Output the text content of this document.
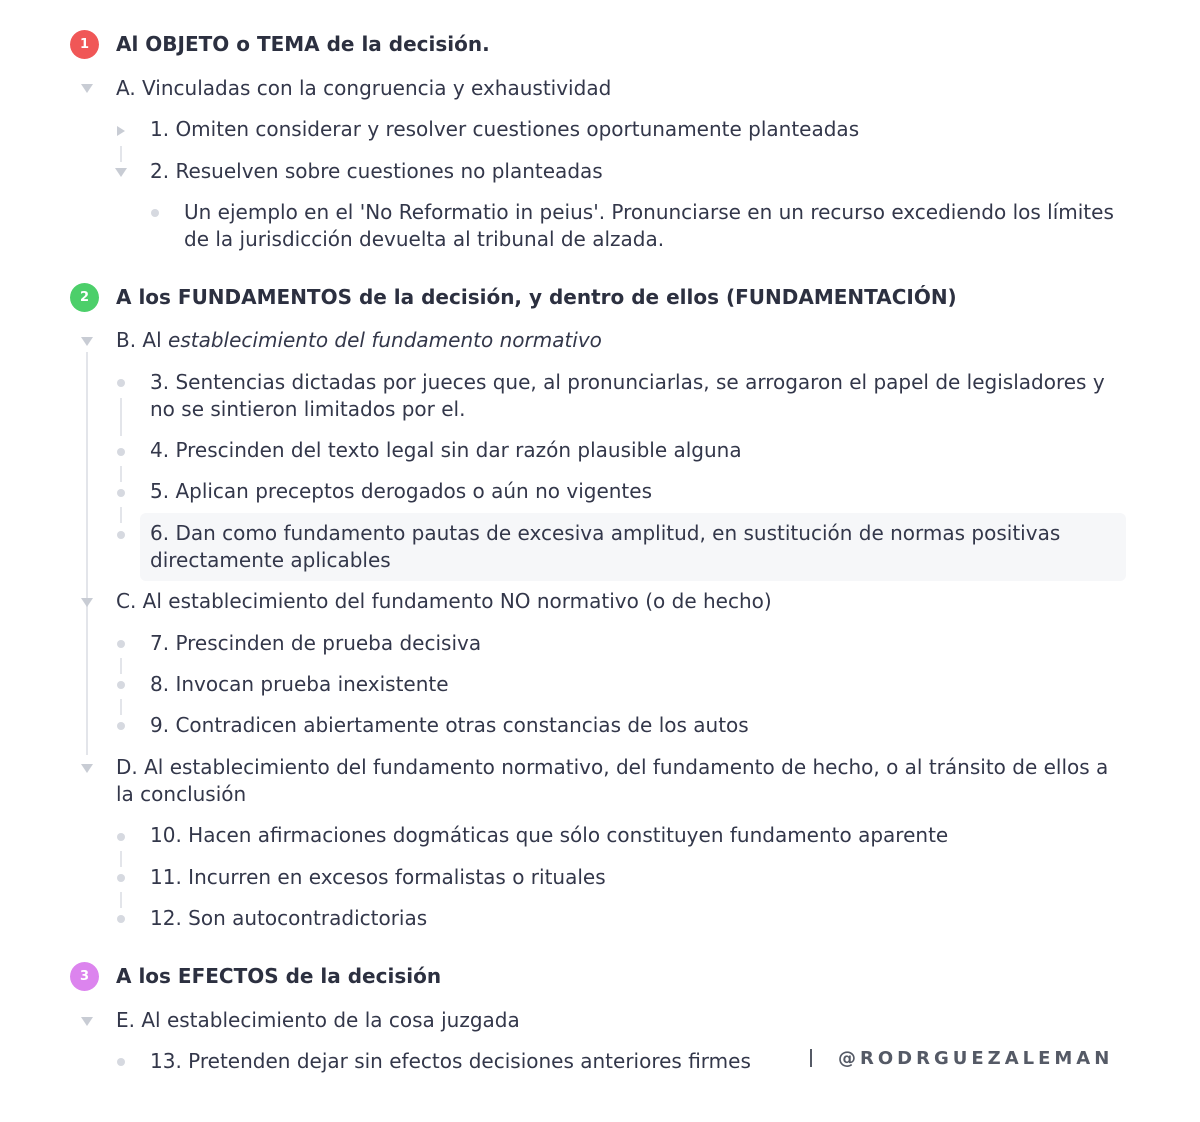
1	Al OBJETO o TEMA de la decisión.
A. Vinculadas con la congruencia y exhaustividad
1. Omiten considerar y resolver cuestiones oportunamente planteadas
2. Resuelven sobre cuestiones no planteadas
Un ejemplo en el 'No Reformatio in peius'. Pronunciarse en un recurso excediendo los límites de la jurisdicción devuelta al tribunal de alzada.
2	A los FUNDAMENTOS de la decisión, y dentro de ellos (FUNDAMENTACIÓN)
B. Al establecimiento del fundamento normativo
3. Sentencias dictadas por jueces que, al pronunciarlas, se arrogaron el papel de legisladores y no se sintieron limitados por el.
4. Prescinden del texto legal sin dar razón plausible alguna
5. Aplican preceptos derogados o aún no vigentes
6. Dan como fundamento pautas de excesiva amplitud, en sustitución de normas positivas directamente aplicables
C. Al establecimiento del fundamento NO normativo (o de hecho)
7. Prescinden de prueba decisiva
8. Invocan prueba inexistente
9. Contradicen abiertamente otras constancias de los autos
D. Al establecimiento del fundamento normativo, del fundamento de hecho, o al tránsito de ellos a la conclusión
10. Hacen afirmaciones dogmáticas que sólo constituyen fundamento aparente
11. Incurren en excesos formalistas o rituales
12. Son autocontradictorias
3	A los EFECTOS de la decisión
E. Al establecimiento de la cosa juzgada
13. Pretenden dejar sin efectos decisiones anteriores firmes	@RODRGUEZALEMAN
